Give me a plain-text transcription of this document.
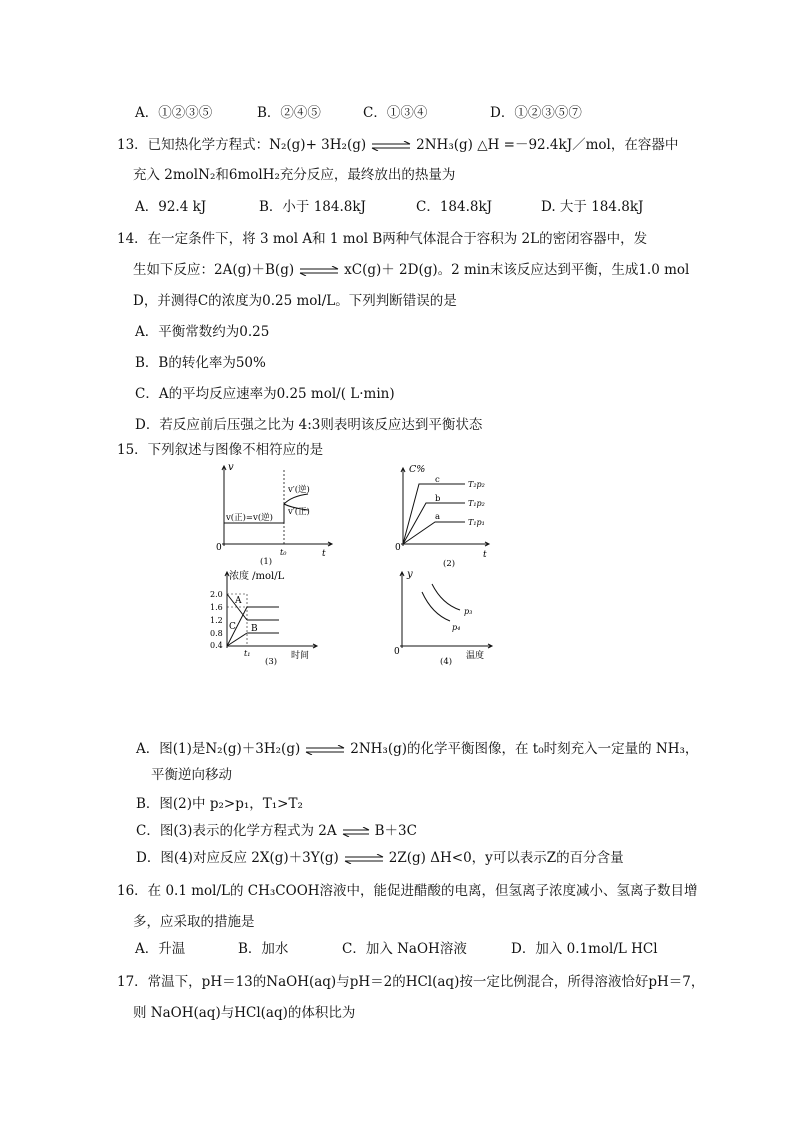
A．①②③⑤	B．②④⑤	C．①③④	D．①②③⑤⑦
13．已知热化学方程式：N₂(g)+ 3H₂(g) ⇌ 2NH₃(g) △H =－92.4kJ／mol，在容器中
充入 2molN₂和6molH₂充分反应，最终放出的热量为
A．92.4 kJ	B．小于 184.8kJ	C．184.8kJ	D. 大于 184.8kJ
14．在一定条件下，将 3 mol A和 1 mol B两种气体混合于容积为 2L的密闭容器中，发
生如下反应：2A(g)＋B(g) ⇌ xC(g)＋ 2D(g)。2 min末该反应达到平衡，生成1.0 mol
D，并测得C的浓度为0.25 mol/L。下列判断错误的是
A．平衡常数约为0.25
B．B的转化率为50%
C．A的平均反应速率为0.25 mol/( L·min)
D．若反应前后压强之比为 4:3则表明该反应达到平衡状态
15．下列叙述与图像不相符应的是
v
0
t
t₀
v(正)=v(逆)
v′(逆)
v′(正)
(1)
C%
0
t
c
b
a
T₂p₂
T₁p₂
T₁p₁
(2)
浓度 /mol/L
2.0
1.6
1.2
0.8
0.4
A
B
C
t₁	时间
(3)
y
0
p₃
p₄
温度
(4)
A．图(1)是N₂(g)＋3H₂(g) ⇌ 2NH₃(g)的化学平衡图像，在 t₀时刻充入一定量的 NH₃，
平衡逆向移动
B．图(2)中 p₂>p₁，T₁>T₂
C．图(3)表示的化学方程式为 2A ⇌ B＋3C
D．图(4)对应反应 2X(g)＋3Y(g) ⇌ 2Z(g) ΔH<0，y可以表示Z的百分含量
16．在 0.1 mol/L的 CH₃COOH溶液中，能促进醋酸的电离，但氢离子浓度减小、氢离子数目增
多，应采取的措施是
A．升温	B．加水	C．加入 NaOH溶液	D．加入 0.1mol/L HCl
17．常温下，pH＝13的NaOH(aq)与pH＝2的HCl(aq)按一定比例混合，所得溶液恰好pH＝7，
则 NaOH(aq)与HCl(aq)的体积比为
